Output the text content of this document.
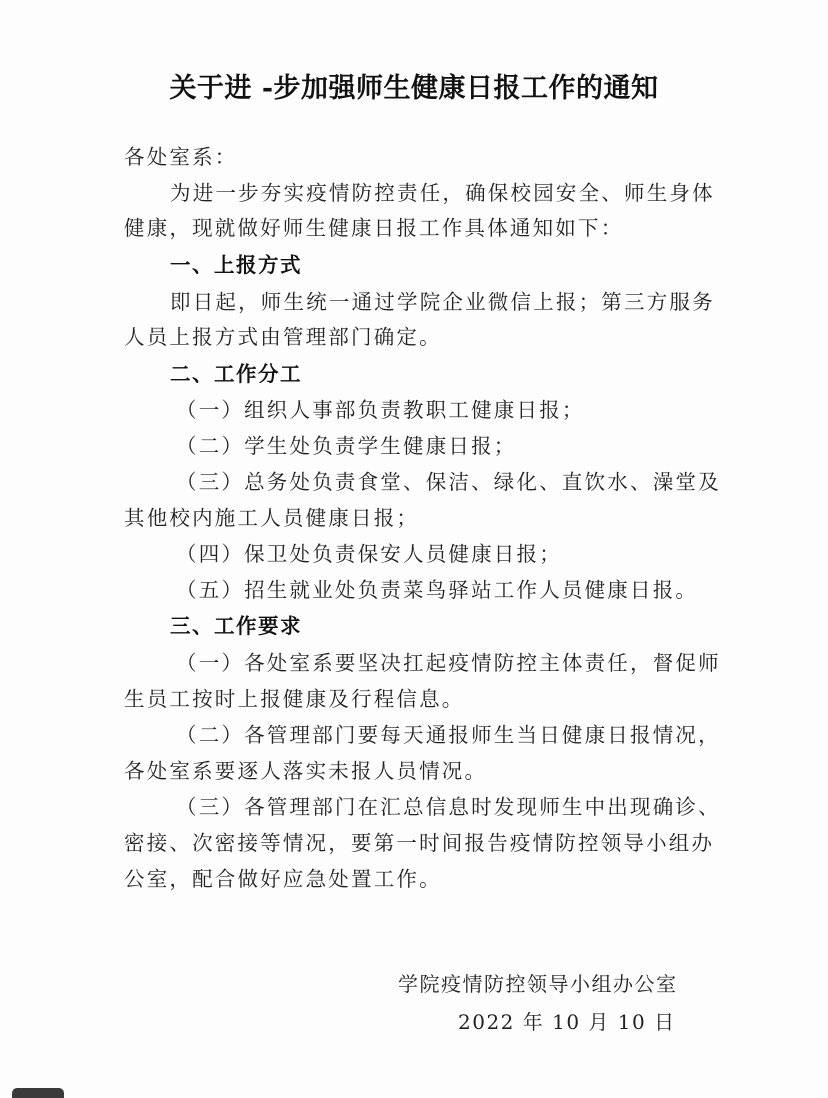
关于进 -步加强师生健康日报工作的通知
各处室系：
为进一步夯实疫情防控责任，确保校园安全、师生身体
健康，现就做好师生健康日报工作具体通知如下：
一、上报方式
即日起，师生统一通过学院企业微信上报；第三方服务
人员上报方式由管理部门确定。
二、工作分工
（一）组织人事部负责教职工健康日报；
（二）学生处负责学生健康日报；
（三）总务处负责食堂、保洁、绿化、直饮水、澡堂及
其他校内施工人员健康日报；
（四）保卫处负责保安人员健康日报；
（五）招生就业处负责菜鸟驿站工作人员健康日报。
三、工作要求
（一）各处室系要坚决扛起疫情防控主体责任，督促师
生员工按时上报健康及行程信息。
（二）各管理部门要每天通报师生当日健康日报情况，
各处室系要逐人落实未报人员情况。
（三）各管理部门在汇总信息时发现师生中出现确诊、
密接、次密接等情况，要第一时间报告疫情防控领导小组办
公室，配合做好应急处置工作。
学院疫情防控领导小组办公室
2022 年 10 月 10 日
